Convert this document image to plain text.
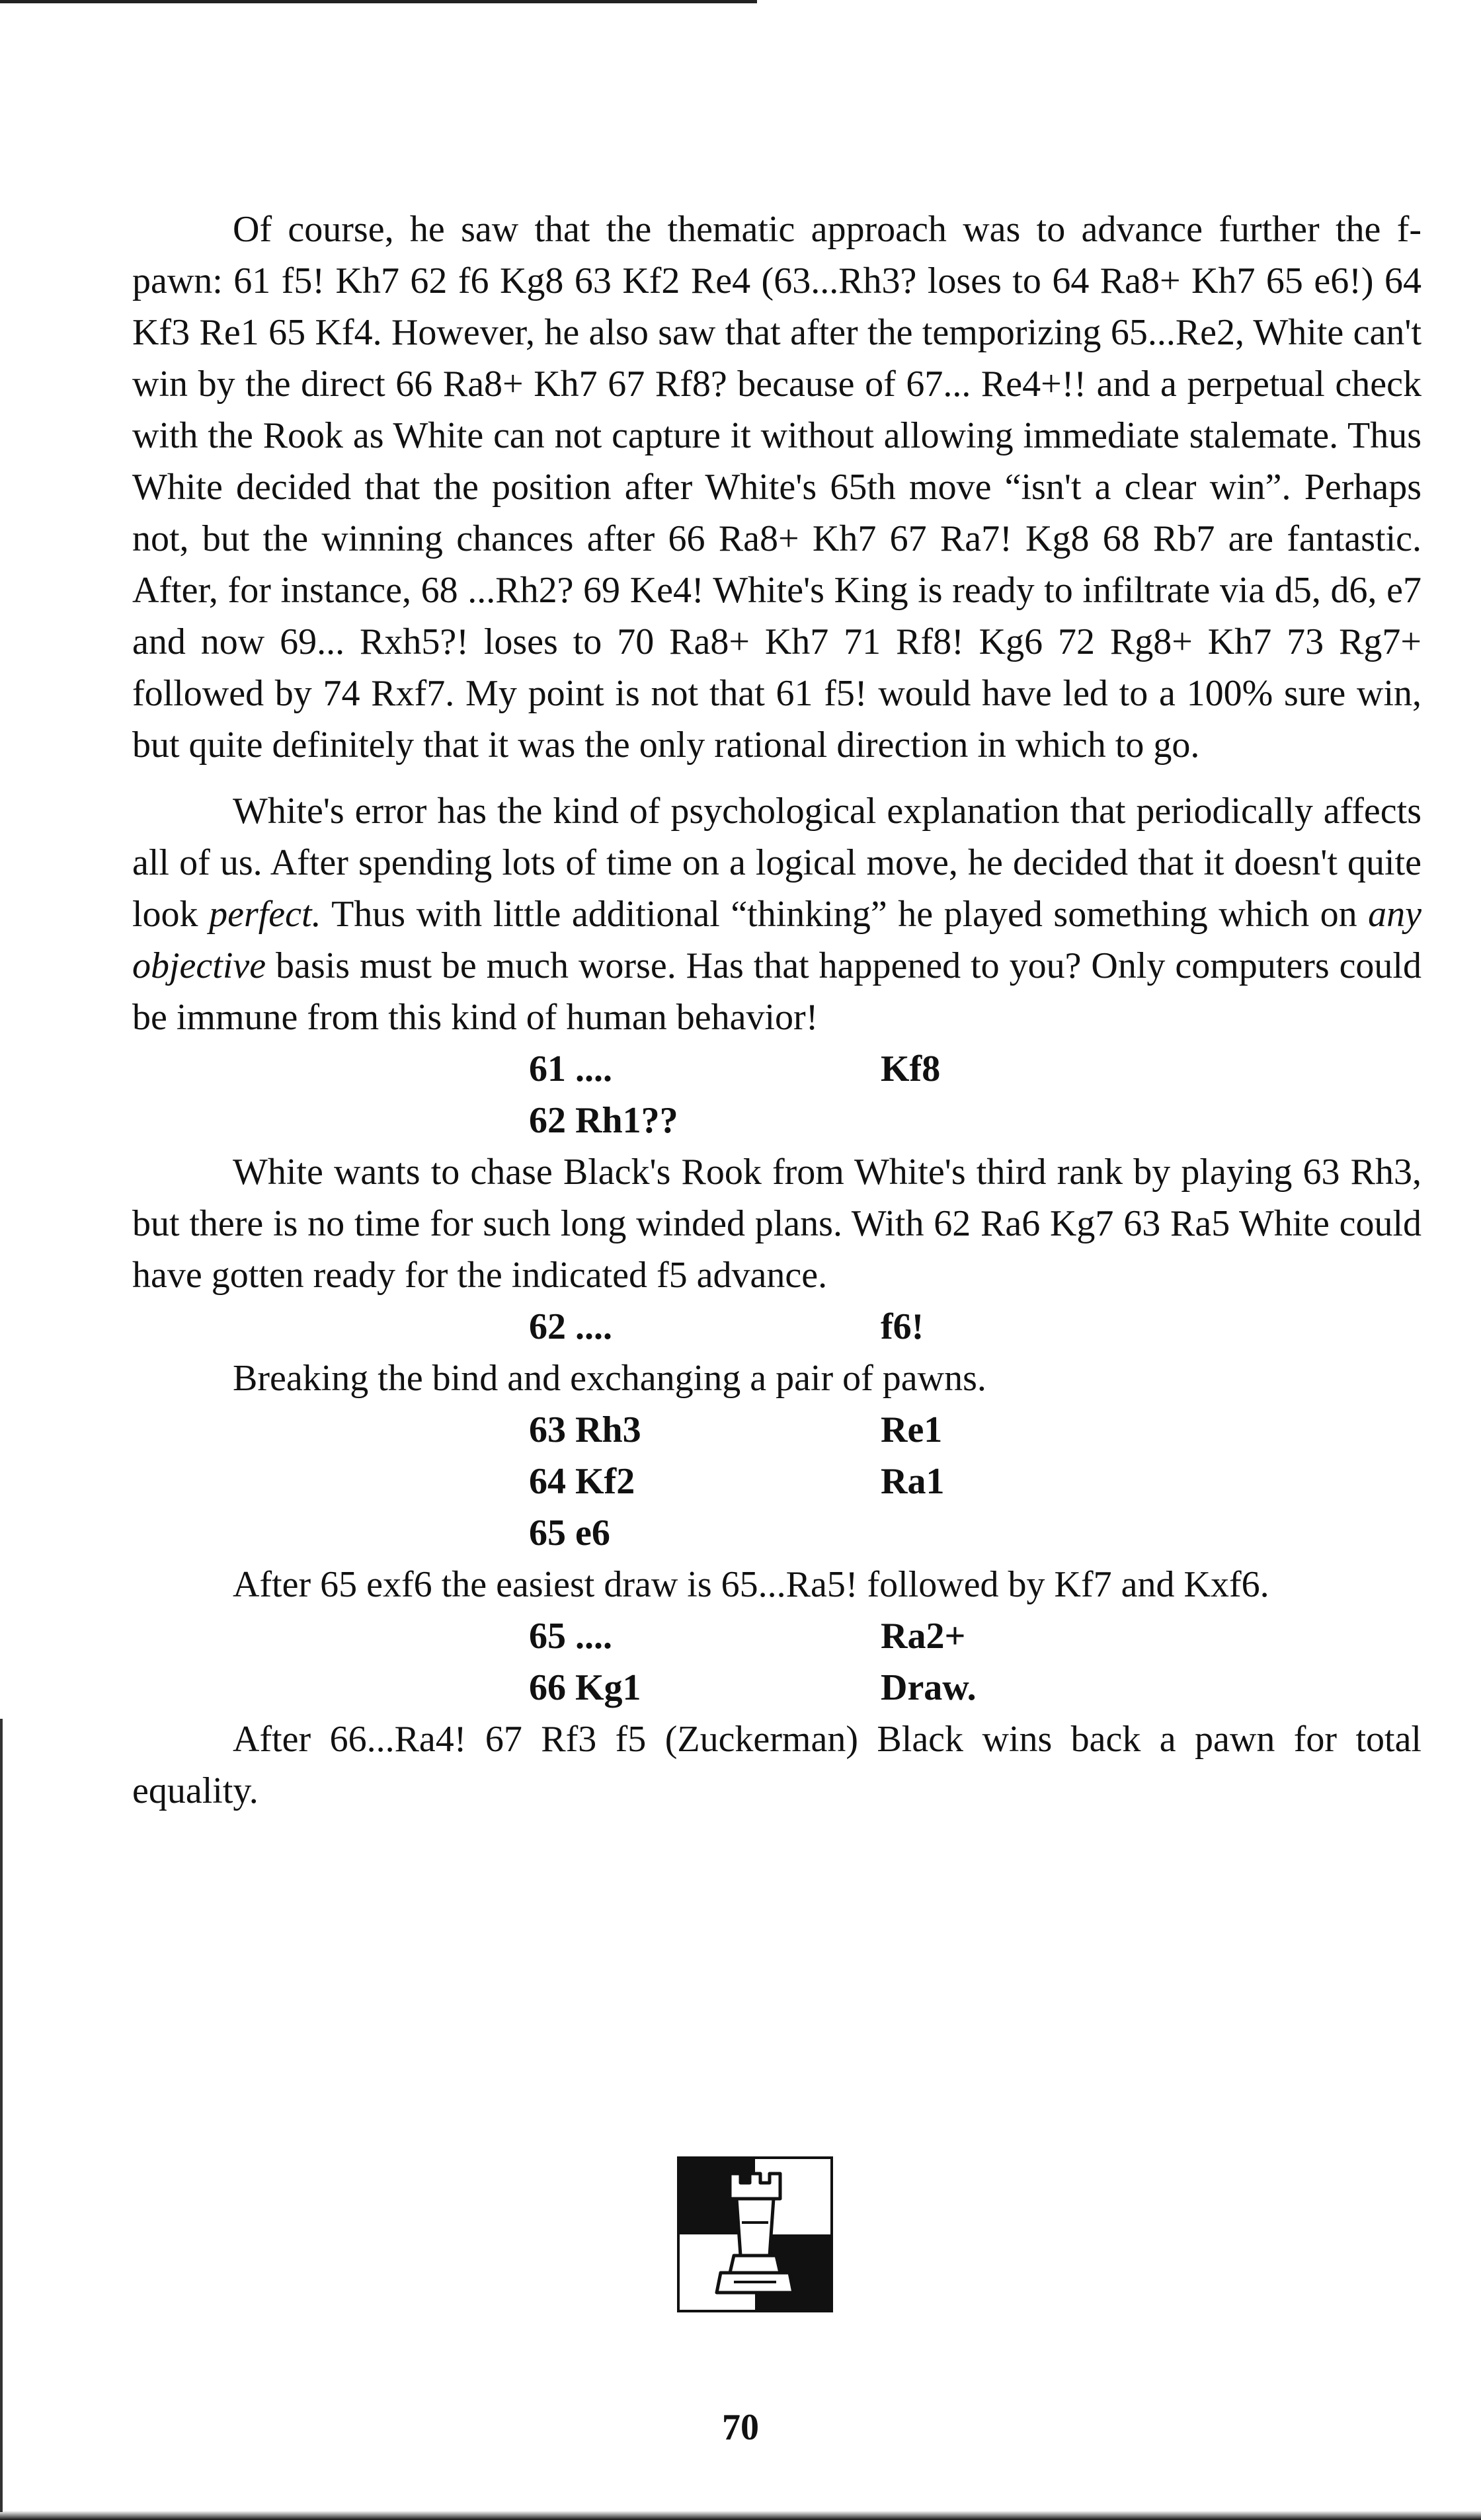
Of course, he saw that the thematic approach was to advance further the f-pawn: 61 f5! Kh7 62 f6 Kg8 63 Kf2 Re4 (63...Rh3? loses to 64 Ra8+ Kh7 65 e6!) 64 Kf3 Re1 65 Kf4. However, he also saw that after the temporizing 65...Re2, White can't win by the direct 66 Ra8+ Kh7 67 Rf8? because of 67... Re4+!! and a perpetual check with the Rook as White can not capture it without allowing immediate stalemate. Thus White decided that the position after White's 65th move “isn't a clear win”. Perhaps not, but the winning chances after 66 Ra8+ Kh7 67 Ra7! Kg8 68 Rb7 are fantastic. After, for instance, 68 ...Rh2? 69 Ke4! White's King is ready to infiltrate via d5, d6, e7 and now 69... Rxh5?! loses to 70 Ra8+ Kh7 71 Rf8! Kg6 72 Rg8+ Kh7 73 Rg7+ followed by 74 Rxf7. My point is not that 61 f5! would have led to a 100% sure win, but quite definitely that it was the only rational direction in which to go.

White's error has the kind of psychological explanation that periodically affects all of us. After spending lots of time on a logical move, he decided that it doesn't quite look perfect. Thus with little additional “thinking” he played something which on any objective basis must be much worse. Has that happened to you? Only computers could be immune from this kind of human behavior!

61 ....	Kf8
62 Rh1??

White wants to chase Black's Rook from White's third rank by playing 63 Rh3, but there is no time for such long winded plans. With 62 Ra6 Kg7 63 Ra5 White could have gotten ready for the indicated f5 advance.

62 ....	f6!

Breaking the bind and exchanging a pair of pawns.

63 Rh3	Re1
64 Kf2	Ra1
65 e6

After 65 exf6 the easiest draw is 65...Ra5! followed by Kf7 and Kxf6.

65 ....	Ra2+
66 Kg1	Draw.

After 66...Ra4! 67 Rf3 f5 (Zuckerman) Black wins back a pawn for total equality.

70
